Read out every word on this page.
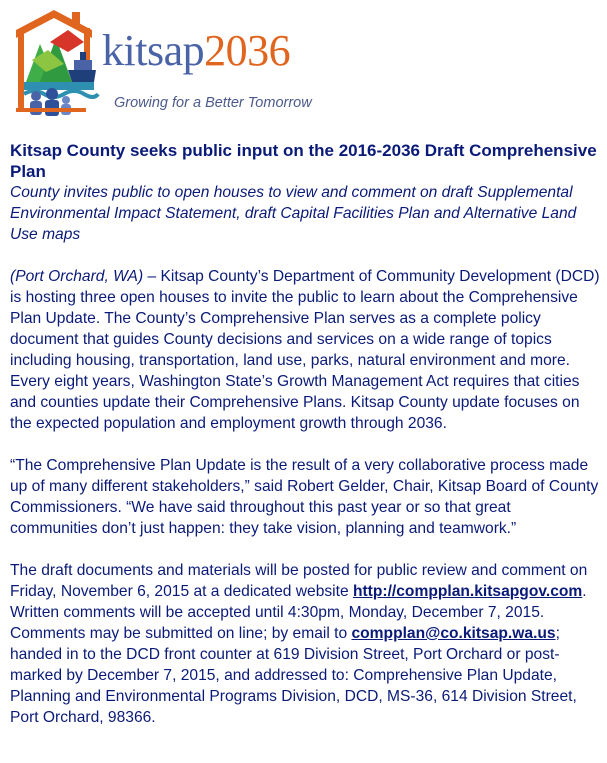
kitsap2036
Growing for a Better Tomorrow
Kitsap County seeks public input on the 2016-2036 Draft Comprehensive Plan
County invites public to open houses to view and comment on draft Supplemental Environmental Impact Statement, draft Capital Facilities Plan and Alternative Land Use maps

(Port Orchard, WA) – Kitsap County’s Department of Community Development (DCD) is hosting three open houses to invite the public to learn about the Comprehensive Plan Update. The County’s Comprehensive Plan serves as a complete policy document that guides County decisions and services on a wide range of topics including housing, transportation, land use, parks, natural environment and more. Every eight years, Washington State’s Growth Management Act requires that cities and counties update their Comprehensive Plans. Kitsap County update focuses on the expected population and employment growth through 2036.

“The Comprehensive Plan Update is the result of a very collaborative process made up of many different stakeholders,” said Robert Gelder, Chair, Kitsap Board of County Commissioners. “We have said throughout this past year or so that great communities don’t just happen: they take vision, planning and teamwork.”

The draft documents and materials will be posted for public review and comment on Friday, November 6, 2015 at a dedicated website http://compplan.kitsapgov.com. Written comments will be accepted until 4:30pm, Monday, December 7, 2015. Comments may be submitted on line; by email to compplan@co.kitsap.wa.us; handed in to the DCD front counter at 619 Division Street, Port Orchard or post-marked by December 7, 2015, and addressed to: Comprehensive Plan Update, Planning and Environmental Programs Division, DCD, MS-36, 614 Division Street, Port Orchard, 98366.
